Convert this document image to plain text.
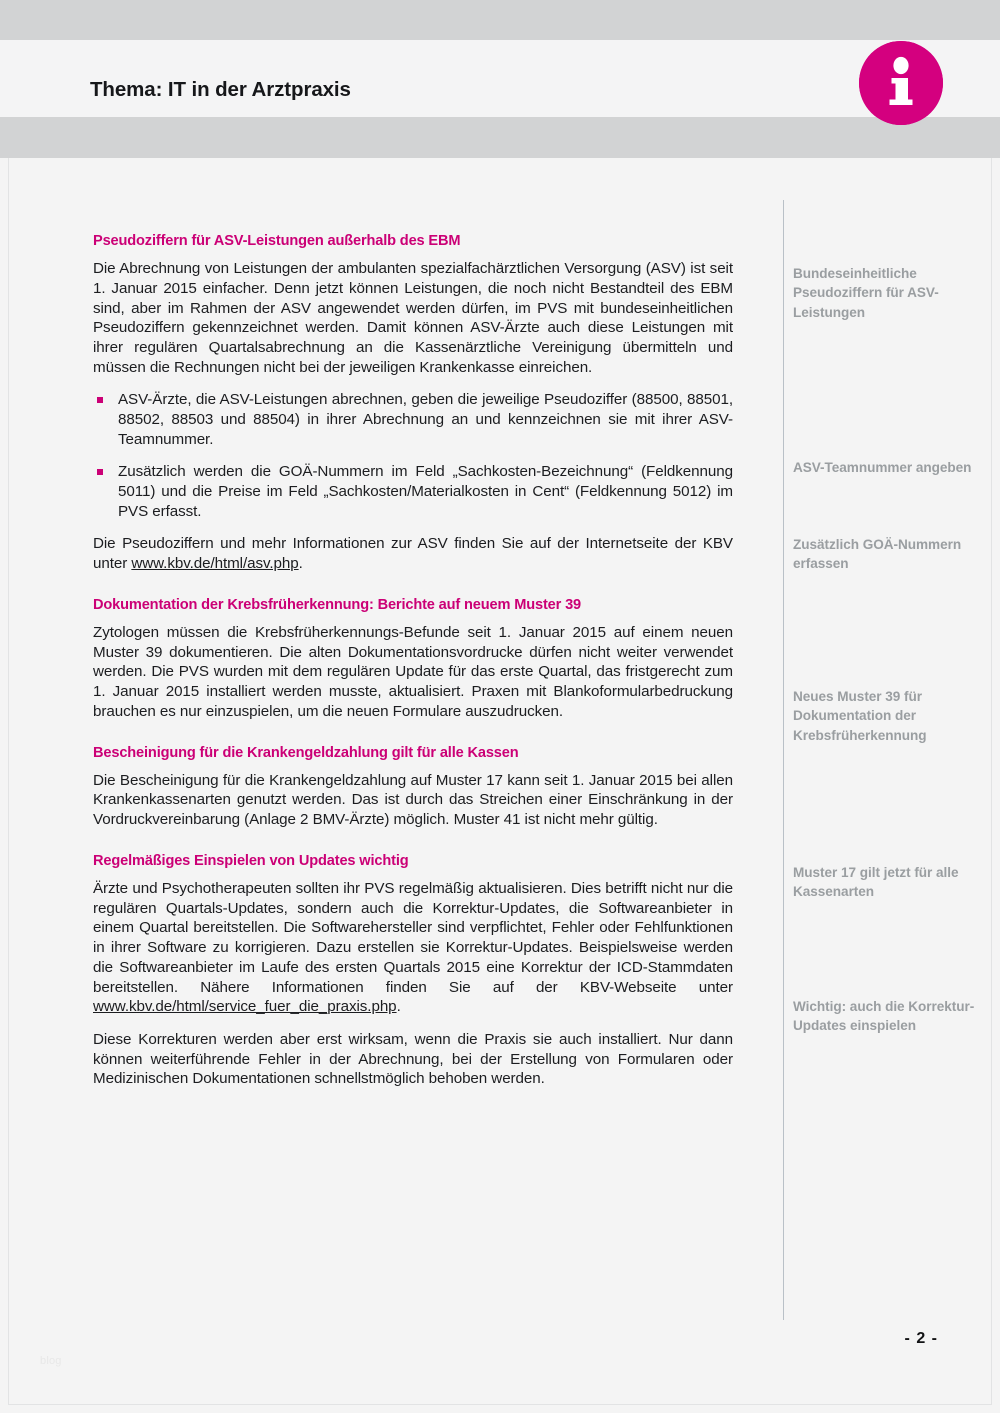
Thema: IT in der Arztpraxis
Pseudoziffern für ASV-Leistungen außerhalb des EBM

Die Abrechnung von Leistungen der ambulanten spezialfachärztlichen Versorgung (ASV) ist seit 1. Januar 2015 einfacher. Denn jetzt können Leistungen, die noch nicht Bestandteil des EBM sind, aber im Rahmen der ASV angewendet werden dürfen, im PVS mit bundeseinheitlichen Pseudoziffern gekennzeichnet werden. Damit können ASV-Ärzte auch diese Leistungen mit ihrer regulären Quartalsabrechnung an die Kassenärztliche Vereinigung übermitteln und müssen die Rechnungen nicht bei der jeweiligen Krankenkasse einreichen.

ASV-Ärzte, die ASV-Leistungen abrechnen, geben die jeweilige Pseudoziffer (88500, 88501, 88502, 88503 und 88504) in ihrer Abrechnung an und kennzeichnen sie mit ihrer ASV-Teamnummer.
Zusätzlich werden die GOÄ-Nummern im Feld „Sachkosten-Bezeichnung“ (Feldkennung 5011) und die Preise im Feld „Sachkosten/Materialkosten in Cent“ (Feldkennung 5012) im PVS erfasst.

Die Pseudoziffern und mehr Informationen zur ASV finden Sie auf der Internetseite der KBV unter www.kbv.de/html/asv.php.

Dokumentation der Krebsfrüherkennung: Berichte auf neuem Muster 39

Zytologen müssen die Krebsfrüherkennungs-Befunde seit 1. Januar 2015 auf einem neuen Muster 39 dokumentieren. Die alten Dokumentationsvordrucke dürfen nicht weiter verwendet werden. Die PVS wurden mit dem regulären Update für das erste Quartal, das fristgerecht zum 1. Januar 2015 installiert werden musste, aktualisiert. Praxen mit Blankoformularbedruckung brauchen es nur einzuspielen, um die neuen Formulare auszudrucken.

Bescheinigung für die Krankengeldzahlung gilt für alle Kassen

Die Bescheinigung für die Krankengeldzahlung auf Muster 17 kann seit 1. Januar 2015 bei allen Krankenkassenarten genutzt werden. Das ist durch das Streichen einer Einschränkung in der Vordruckvereinbarung (Anlage 2 BMV-Ärzte) möglich. Muster 41 ist nicht mehr gültig.

Regelmäßiges Einspielen von Updates wichtig

Ärzte und Psychotherapeuten sollten ihr PVS regelmäßig aktualisieren. Dies betrifft nicht nur die regulären Quartals-Updates, sondern auch die Korrektur-Updates, die Softwareanbieter in einem Quartal bereitstellen. Die Softwarehersteller sind verpflichtet, Fehler oder Fehlfunktionen in ihrer Software zu korrigieren. Dazu erstellen sie Korrektur-Updates. Beispielsweise werden die Softwareanbieter im Laufe des ersten Quartals 2015 eine Korrektur der ICD-Stammdaten bereitstellen. Nähere Informationen finden Sie auf der KBV-Webseite unter www.kbv.de/html/service_fuer_die_praxis.php.

Diese Korrekturen werden aber erst wirksam, wenn die Praxis sie auch installiert. Nur dann können weiterführende Fehler in der Abrechnung, bei der Erstellung von Formularen oder Medizinischen Dokumentationen schnellstmöglich behoben werden.

Bundeseinheitliche Pseudoziffern für ASV-Leistungen
ASV-Teamnummer angeben
Zusätzlich GOÄ-Nummern erfassen
Neues Muster 39 für Dokumentation der Krebsfrüherkennung
Muster 17 gilt jetzt für alle Kassenarten
Wichtig: auch die Korrektur-Updates einspielen
- 2 -
blog
